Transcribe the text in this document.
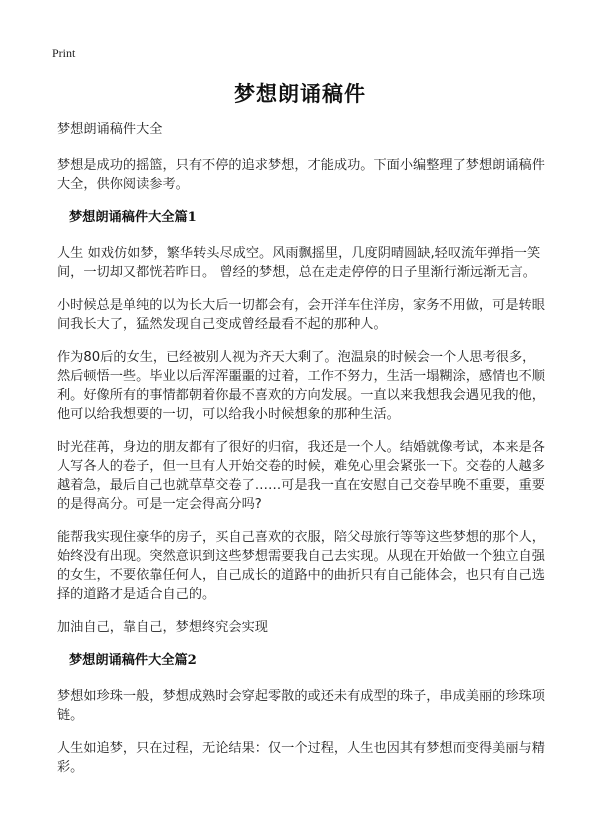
Print
梦想朗诵稿件

梦想朗诵稿件大全

梦想是成功的摇篮，只有不停的追求梦想，才能成功。下面小编整理了梦想朗诵稿件大全，供你阅读参考。

梦想朗诵稿件大全篇1

人生 如戏仿如梦，繁华转头尽成空。风雨飘摇里，几度阴晴圆缺,轻叹流年弹指一笑间，一切却又都恍若昨日。 曾经的梦想，总在走走停停的日子里渐行渐远渐无言。

小时候总是单纯的以为长大后一切都会有，会开洋车住洋房，家务不用做，可是转眼间我长大了，猛然发现自己变成曾经最看不起的那种人。

作为80后的女生，已经被别人视为齐天大剩了。泡温泉的时候会一个人思考很多，然后顿悟一些。毕业以后浑浑噩噩的过着，工作不努力，生活一塌糊涂，感情也不顺利。好像所有的事情都朝着你最不喜欢的方向发展。一直以来我想我会遇见我的他，他可以给我想要的一切，可以给我小时候想象的那种生活。

时光荏苒，身边的朋友都有了很好的归宿，我还是一个人。结婚就像考试，本来是各人写各人的卷子，但一旦有人开始交卷的时候，难免心里会紧张一下。交卷的人越多越着急，最后自己也就草草交卷了……可是我一直在安慰自己交卷早晚不重要，重要的是得高分。可是一定会得高分吗?

能帮我实现住豪华的房子，买自己喜欢的衣服，陪父母旅行等等这些梦想的那个人，始终没有出现。突然意识到这些梦想需要我自己去实现。从现在开始做一个独立自强的女生，不要依靠任何人，自己成长的道路中的曲折只有自己能体会，也只有自己选择的道路才是适合自己的。

加油自己，靠自己，梦想终究会实现

梦想朗诵稿件大全篇2

梦想如珍珠一般，梦想成熟时会穿起零散的或还未有成型的珠子，串成美丽的珍珠项链。

人生如追梦，只在过程，无论结果：仅一个过程，人生也因其有梦想而变得美丽与精彩。
